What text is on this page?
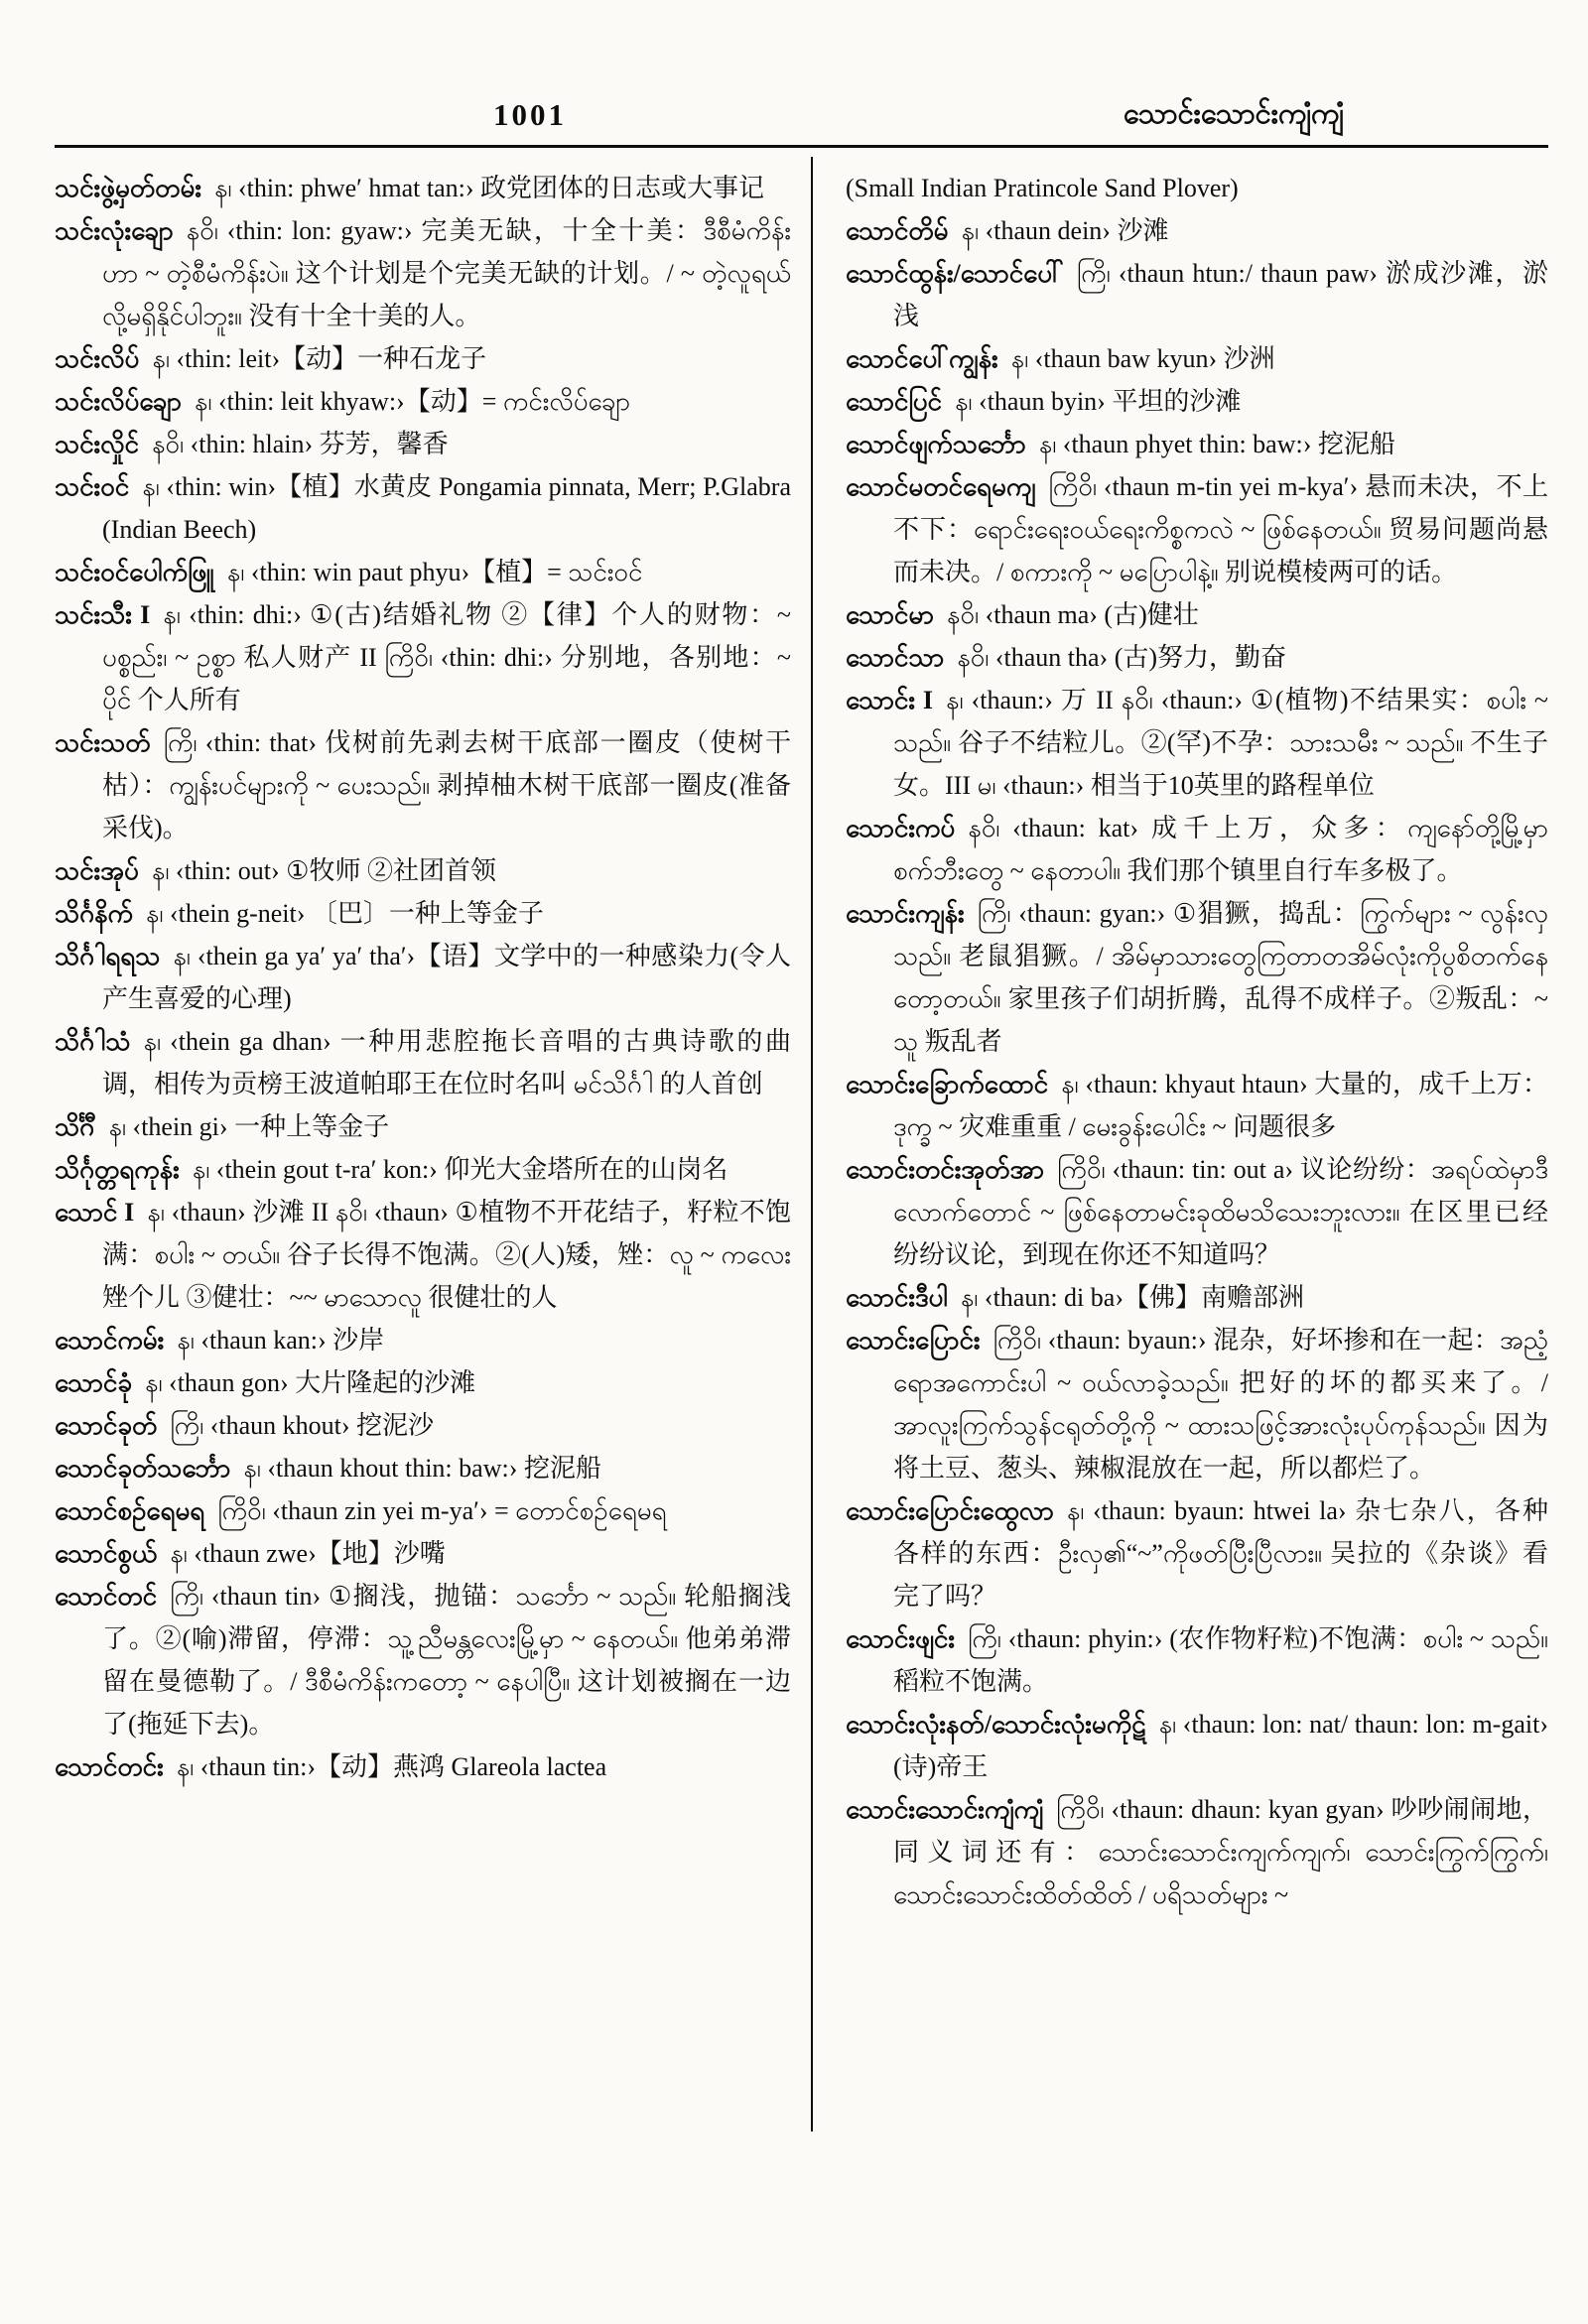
1001	သောင်းသောင်းကျံကျံ
သင်းဖွဲ့မှတ်တမ်း  န၊ ‹thin: phwe′ hmat tan:› 政党团体的日志或大事记
သင်းလုံးချော  နဝိ၊ ‹thin: lon: gyaw:› 完美无缺，十全十美：ဒီစီမံကိန်းဟာ ~ တဲ့စီမံကိန်းပဲ။ 这个计划是个完美无缺的计划。/ ~ တဲ့လူရယ်လို့မရှိနိုင်ပါဘူး။ 没有十全十美的人。
သင်းလိပ်  န၊ ‹thin: leit›【动】一种石龙子
သင်းလိပ်ချော  န၊ ‹thin: leit khyaw:›【动】= ကင်းလိပ်ချော
သင်းလှိုင်  နဝိ၊ ‹thin: hlain› 芬芳，馨香
သင်းဝင်  န၊ ‹thin: win›【植】水黄皮 Pongamia pinnata, Merr; P.Glabra (Indian Beech)
သင်းဝင်ပေါက်ဖြူ  န၊ ‹thin: win paut phyu›【植】= သင်းဝင်
သင်းသီး I  န၊ ‹thin: dhi:› ①(古)结婚礼物 ②【律】个人的财物：~ ပစ္စည်း၊ ~ ဥစ္စာ 私人财产 II ကြိဝိ၊ ‹thin: dhi:› 分别地，各别地：~ ပိုင် 个人所有
သင်းသတ်  ကြိ၊ ‹thin: that› 伐树前先剥去树干底部一圈皮（使树干枯）：ကျွန်းပင်များကို ~ ပေးသည်။ 剥掉柚木树干底部一圈皮(准备采伐)。
သင်းအုပ်  န၊ ‹thin: out› ①牧师 ②社团首领
သိင်္ဂနိက်  န၊ ‹thein g-neit› 〔巴〕一种上等金子
သိင်္ဂါရရသ  န၊ ‹thein ga ya′ ya′ tha′›【语】文学中的一种感染力(令人产生喜爱的心理)
သိင်္ဂါသံ  န၊ ‹thein ga dhan› 一种用悲腔拖长音唱的古典诗歌的曲调，相传为贡榜王波道帕耶王在位时名叫 မင်သိင်္ဂါ 的人首创
သိင်္ဂီ  န၊ ‹thein gi› 一种上等金子
သိင်္ဂုတ္တရကုန်း  န၊ ‹thein gout t-ra′ kon:› 仰光大金塔所在的山岗名
သောင် I  န၊ ‹thaun› 沙滩 II နဝိ၊ ‹thaun› ①植物不开花结子，籽粒不饱满：စပါး ~ တယ်။ 谷子长得不饱满。②(人)矮，矬：လူ ~ ကလေး 矬个儿 ③健壮：~~ မာသောလူ 很健壮的人
သောင်ကမ်း  န၊ ‹thaun kan:› 沙岸
သောင်ခုံ  န၊ ‹thaun gon› 大片隆起的沙滩
သောင်ခုတ်  ကြိ၊ ‹thaun khout› 挖泥沙
သောင်ခုတ်သင်္ဘော  န၊ ‹thaun khout thin: baw:› 挖泥船
သောင်စဉ်ရေမရ  ကြိဝိ၊ ‹thaun zin yei m-ya′› = တောင်စဉ်ရေမရ
သောင်စွယ်  န၊ ‹thaun zwe›【地】沙嘴
သောင်တင်  ကြိ၊ ‹thaun tin› ①搁浅，抛锚：သင်္ဘော ~ သည်။ 轮船搁浅了。②(喻)滞留，停滞：သူ့ညီမန္တလေးမြို့မှာ ~ နေတယ်။ 他弟弟滞留在曼德勒了。/ ဒီစီမံကိန်းကတော့ ~ နေပါပြီ။ 这计划被搁在一边了(拖延下去)。
သောင်တင်း  န၊ ‹thaun tin:›【动】燕鸿 Glareola lactea
(Small Indian Pratincole Sand Plover)
သောင်တိမ်  န၊ ‹thaun dein› 沙滩
သောင်ထွန်း/သောင်ပေါ်  ကြိ၊ ‹thaun htun:/ thaun paw› 淤成沙滩，淤浅
သောင်ပေါ်ကျွန်း  န၊ ‹thaun baw kyun› 沙洲
သောင်ပြင်  န၊ ‹thaun byin› 平坦的沙滩
သောင်ဖျက်သင်္ဘော  န၊ ‹thaun phyet thin: baw:› 挖泥船
သောင်မတင်ရေမကျ  ကြိဝိ၊ ‹thaun m-tin yei m-kya′› 悬而未决，不上不下：ရောင်းရေးဝယ်ရေးကိစ္စကလဲ ~ ဖြစ်နေတယ်။ 贸易问题尚悬而未决。/ စကားကို ~ မပြောပါနဲ့။ 别说模棱两可的话。
သောင်မာ  နဝိ၊ ‹thaun ma› (古)健壮
သောင်သာ  နဝိ၊ ‹thaun tha› (古)努力，勤奋
သောင်း I  န၊ ‹thaun:› 万 II နဝိ၊ ‹thaun:› ①(植物)不结果实：စပါး ~ သည်။ 谷子不结粒儿。②(罕)不孕：သားသမီး ~ သည်။ 不生子女。III မ၊ ‹thaun:› 相当于10英里的路程单位
သောင်းကပ်  နဝိ၊ ‹thaun: kat› 成千上万，众多：ကျနော်တို့မြို့မှာစက်ဘီးတွေ ~ နေတာပါ။ 我们那个镇里自行车多极了。
သောင်းကျန်း  ကြိ၊ ‹thaun: gyan:› ①猖獗，捣乱：ကြွက်များ ~ လွန်းလှသည်။ 老鼠猖獗。/ အိမ်မှာသားတွေကြတာတအိမ်လုံးကိုပွစိတက်နေတော့တယ်။ 家里孩子们胡折腾，乱得不成样子。②叛乱：~ သူ 叛乱者
သောင်းခြောက်ထောင်  န၊ ‹thaun: khyaut htaun› 大量的，成千上万：ဒုက္ခ ~ 灾难重重 / မေးခွန်းပေါင်း ~ 问题很多
သောင်းတင်းအုတ်အာ  ကြိဝိ၊ ‹thaun: tin: out a› 议论纷纷：အရပ်ထဲမှာဒီလောက်တောင် ~ ဖြစ်နေတာမင်းခုထိမသိသေးဘူးလား။ 在区里已经纷纷议论，到现在你还不知道吗？
သောင်းဒီပါ  န၊ ‹thaun: di ba›【佛】南赡部洲
သောင်းပြောင်း  ကြိဝိ၊ ‹thaun: byaun:› 混杂，好坏掺和在一起：အညံ့ရောအကောင်းပါ ~ ဝယ်လာခဲ့သည်။ 把好的坏的都买来了。/ အာလူးကြက်သွန်ငရုတ်တို့ကို ~ ထားသဖြင့်အားလုံးပုပ်ကုန်သည်။ 因为将土豆、葱头、辣椒混放在一起，所以都烂了。
သောင်းပြောင်းထွေလာ  န၊ ‹thaun: byaun: htwei la› 杂七杂八，各种各样的东西：ဦးလှ၏“~”ကိုဖတ်ပြီးပြီလား။ 吴拉的《杂谈》看完了吗？
သောင်းဖျင်း  ကြိ၊ ‹thaun: phyin:› (农作物籽粒)不饱满：စပါး ~ သည်။ 稻粒不饱满。
သောင်းလုံးနတ်/သောင်းလုံးမကိုဋ်  န၊ ‹thaun: lon: nat/ thaun: lon: m-gait› (诗)帝王
သောင်းသောင်းကျံကျံ  ကြိဝိ၊ ‹thaun: dhaun: kyan gyan› 吵吵闹闹地，同义词还有：သောင်းသောင်းကျက်ကျက်၊ သောင်းကြွက်ကြွက်၊ သောင်းသောင်းထိတ်ထိတ် / ပရိသတ်များ ~
